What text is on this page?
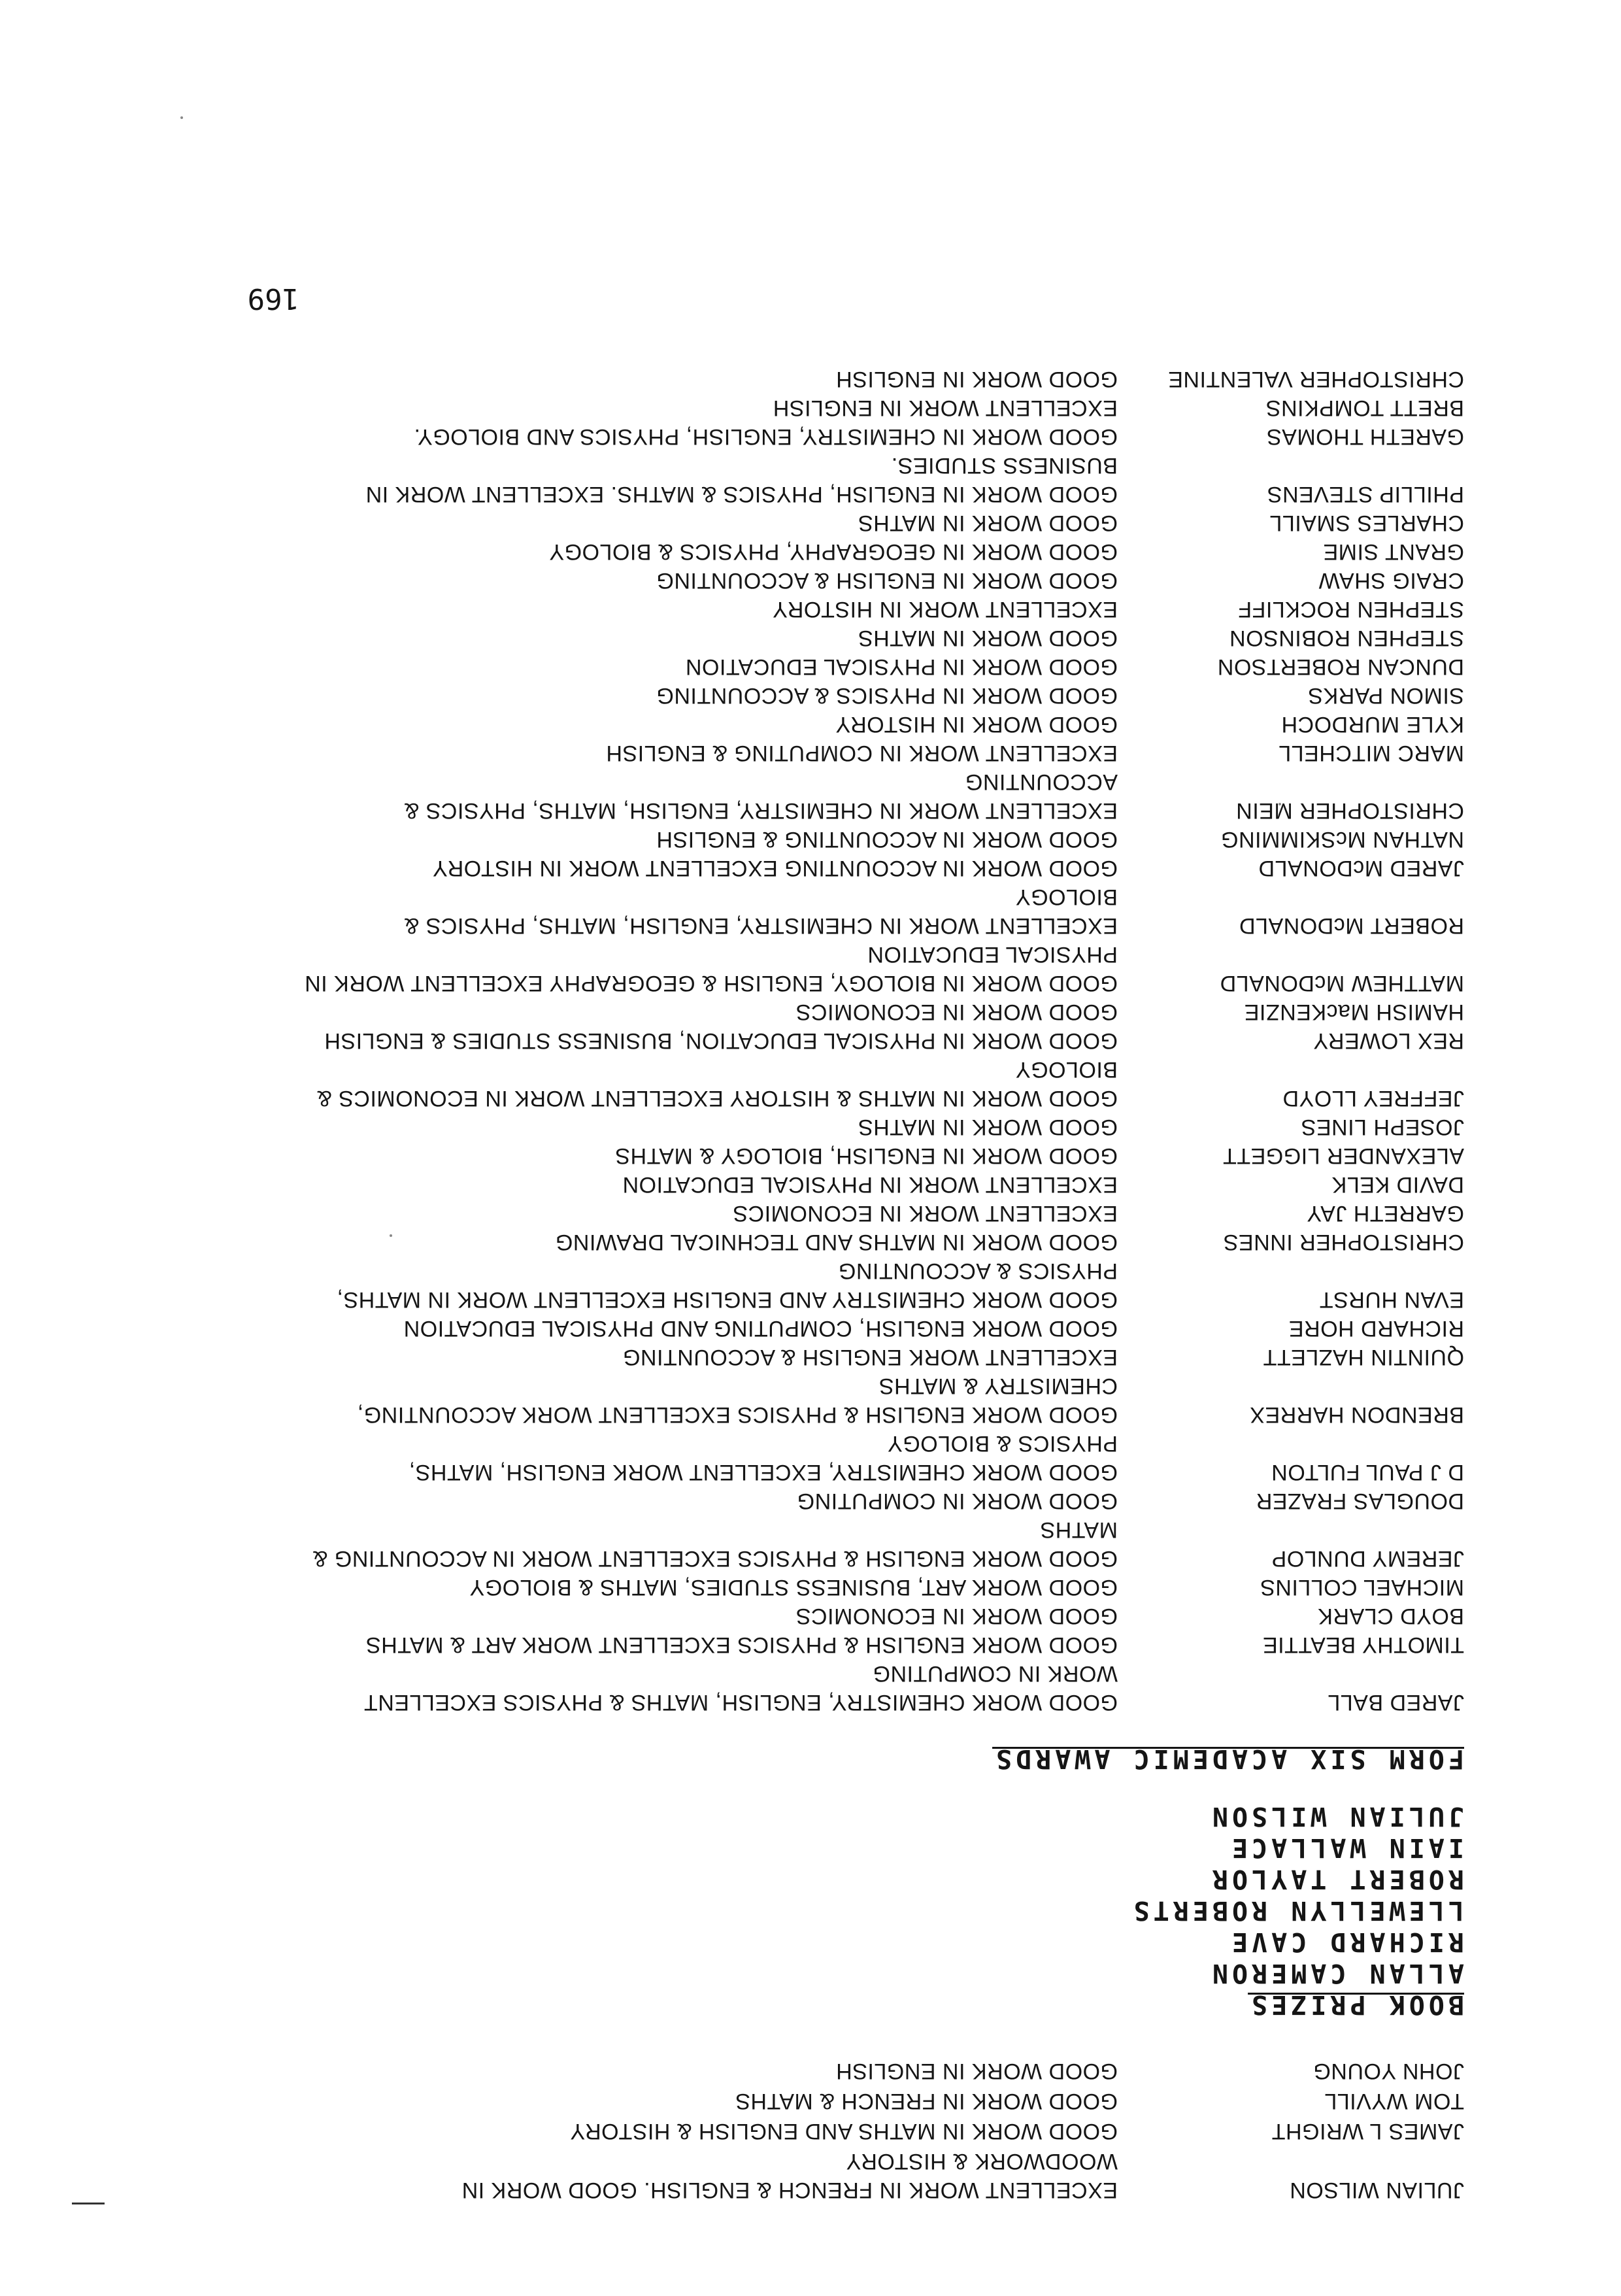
JULIAN WILSON
EXCELLENT WORK IN FRENCH & ENGLISH. GOOD WORK IN
WOODWORK & HISTORY
JAMES L WRIGHT
GOOD WORK IN MATHS AND ENGLISH & HISTORY
TOM WYVILL
GOOD WORK IN FRENCH & MATHS
JOHN YOUNG
GOOD WORK IN ENGLISH
BOOK PRIZES
ALLAN CAMERON
RICHARD CAVE
LLEWELLYN ROBERTS
ROBERT TAYLOR
IAIN WALLACE
JULIAN WILSON
FORM SIX ACADEMIC AWARDS
JARED BALL
GOOD WORK CHEMISTRY, ENGLISH, MATHS & PHYSICS EXCELLENT
WORK IN COMPUTING
TIMOTHY BEATTIE
GOOD WORK ENGLISH & PHYSICS EXCELLENT WORK ART & MATHS
BOYD CLARK
GOOD WORK IN ECONOMICS
MICHAEL COLLINS
GOOD WORK ART, BUSINESS STUDIES, MATHS & BIOLOGY
JEREMY DUNLOP
GOOD WORK ENGLISH & PHYSICS EXCELLENT WORK IN ACCOUNTING &
MATHS
DOUGLAS FRAZER
GOOD WORK IN COMPUTING
D J PAUL FULTON
GOOD WORK CHEMISTRY, EXCELLENT WORK ENGLISH, MATHS,
PHYSICS & BIOLOGY
BRENDON HARREX
GOOD WORK ENGLISH & PHYSICS EXCELLENT WORK ACCOUNTING,
CHEMISTRY & MATHS
QUINTIN HAZLETT
EXCELLENT WORK ENGLISH & ACCOUNTING
RICHARD HORE
GOOD WORK ENGLISH, COMPUTING AND PHYSICAL EDUCATION
EVAN HURST
GOOD WORK CHEMISTRY AND ENGLISH EXCELLENT WORK IN MATHS,
PHYSICS & ACCOUNTING
CHRISTOPHER INNES
GOOD WORK IN MATHS AND TECHNICAL DRAWING
GARRETH JAY
EXCELLENT WORK IN ECONOMICS
DAVID KELK
EXCELLENT WORK IN PHYSICAL EDUCATION
ALEXANDER LIGGETT
GOOD WORK IN ENGLISH, BIOLOGY & MATHS
JOSEPH LINES
GOOD WORK IN MATHS
JEFFREY LLOYD
GOOD WORK IN MATHS & HISTORY EXCELLENT WORK IN ECONOMICS &
BIOLOGY
REX LOWERY
GOOD WORK IN PHYSICAL EDUCATION, BUSINESS STUDIES & ENGLISH
HAMISH MacKENZIE
GOOD WORK IN ECONOMICS
MATTHEW McDONALD
GOOD WORK IN BIOLOGY, ENGLISH & GEOGRAPHY EXCELLENT WORK IN
PHYSICAL EDUCATION
ROBERT McDONALD
EXCELLENT WORK IN CHEMISTRY, ENGLISH, MATHS, PHYSICS &
BIOLOGY
JARED McDONALD
GOOD WORK IN ACCOUNTING EXCELLENT WORK IN HISTORY
NATHAN McSKIMMING
GOOD WORK IN ACCOUNTING & ENGLISH
CHRISTOPHER MEIN
EXCELLENT WORK IN CHEMISTRY, ENGLISH, MATHS, PHYSICS &
ACCOUNTING
MARC MITCHELL
EXCELLENT WORK IN COMPUTING & ENGLISH
KYLE MURDOCH
GOOD WORK IN HISTORY
SIMON PARKS
GOOD WORK IN PHYSICS & ACCOUNTING
DUNCAN ROBERTSON
GOOD WORK IN PHYSICAL EDUCATION
STEPHEN ROBINSON
GOOD WORK IN MATHS
STEPHEN ROCKLIFF
EXCELLENT WORK IN HISTORY
CRAIG SHAW
GOOD WORK IN ENGLISH & ACCOUNTING
GRANT SIME
GOOD WORK IN GEOGRAPHY, PHYSICS & BIOLOGY
CHARLES SMAILL
GOOD WORK IN MATHS
PHILLIP STEVENS
GOOD WORK IN ENGLISH, PHYSICS & MATHS. EXCELLENT WORK IN
BUSINESS STUDIES.
GARETH THOMAS
GOOD WORK IN CHEMISTRY, ENGLISH, PHYSICS AND BIOLOGY.
BRETT TOMPKINS
EXCELLENT WORK IN ENGLISH
CHRISTOPHER VALENTINE
GOOD WORK IN ENGLISH
169
